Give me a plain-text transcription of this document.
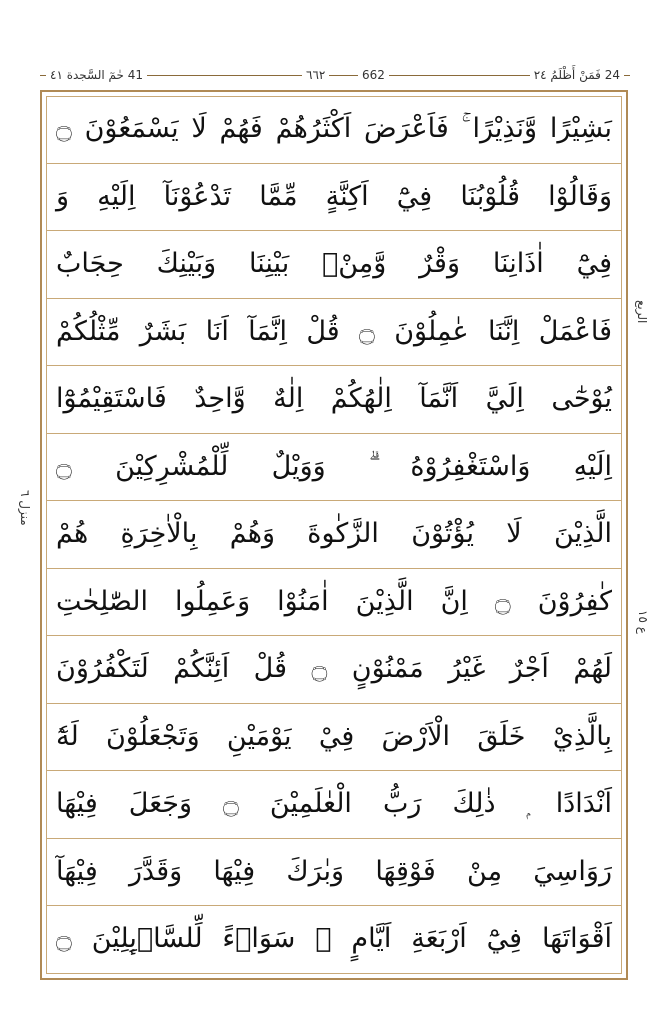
24 فَمَنْ أَظْلَمُ ٢٤
٦٦٢	662
41 حٰمٓ السَّجدة ٤١
بَشِيْرًا وَّنَذِيْرًا ۚ فَاَعْرَضَ اَكْثَرُهُمْ فَهُمْ لَا يَسْمَعُوْنَ ۝
وَقَالُوْا قُلُوْبُنَا فِيْٓ اَكِنَّةٍ مِّمَّا تَدْعُوْنَآ اِلَيْهِ وَ
فِيْٓ اٰذَانِنَا وَقْرٌ وَّمِنْۢ بَيْنِنَا وَبَيْنِكَ حِجَابٌ
فَاعْمَلْ اِنَّنَا عٰمِلُوْنَ ۝ قُلْ اِنَّمَآ اَنَا بَشَرٌ مِّثْلُكُمْ
يُوْحٰٓى اِلَيَّ اَنَّمَآ اِلٰهُكُمْ اِلٰهٌ وَّاحِدٌ فَاسْتَقِيْمُوْٓا
اِلَيْهِ وَاسْتَغْفِرُوْهُ ۗ وَوَيْلٌ لِّلْمُشْرِكِيْنَ ۝
الَّذِيْنَ لَا يُؤْتُوْنَ الزَّكٰوةَ وَهُمْ بِالْاٰخِرَةِ هُمْ
كٰفِرُوْنَ ۝ اِنَّ الَّذِيْنَ اٰمَنُوْا وَعَمِلُوا الصّٰلِحٰتِ
لَهُمْ اَجْرٌ غَيْرُ مَمْنُوْنٍ ۝ قُلْ اَئِنَّكُمْ لَتَكْفُرُوْنَ
بِالَّذِيْ خَلَقَ الْاَرْضَ فِيْ يَوْمَيْنِ وَتَجْعَلُوْنَ لَهٗٓ
اَنْدَادًا ۭ ذٰلِكَ رَبُّ الْعٰلَمِيْنَ ۝ وَجَعَلَ فِيْهَا
رَوَاسِيَ مِنْ فَوْقِهَا وَبٰرَكَ فِيْهَا وَقَدَّرَ فِيْهَآ
اَقْوَاتَهَا فِيْٓ اَرْبَعَةِ اَيَّامٍ ۭ سَوَاۗءً لِّلسَّاۗىِٕلِيْنَ ۝
الربع
منزل ٦
ع ١٥
